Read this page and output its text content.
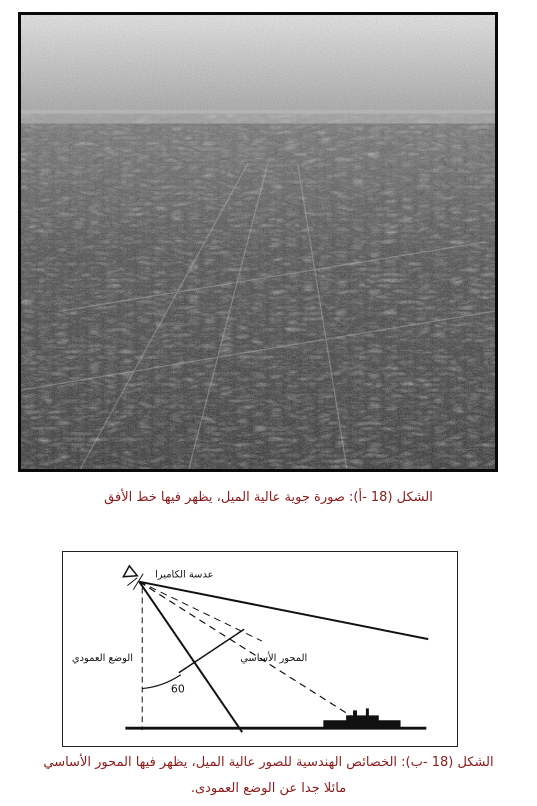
الشكل (18 -أ): صورة جوية عالية الميل، يظهر فيها خط الأفق
عدسة الكاميرا
المحور الأساسي
الوضع العمودي
60
الشكل (18 -ب): الخصائص الهندسية للصور عالية الميل، يظهر فيها المحور الأساسي
مائلا جدا عن الوضع العمودى.
